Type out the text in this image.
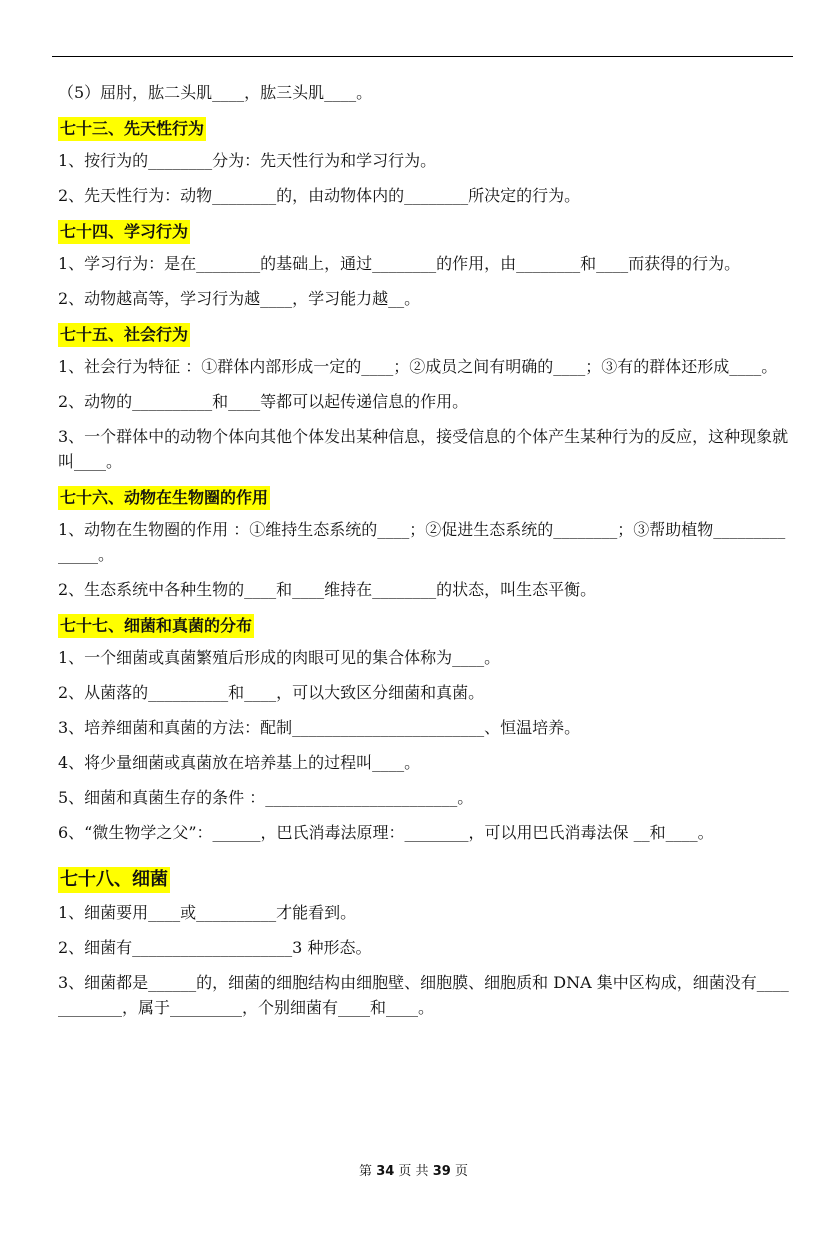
（5）屈肘，肱二头肌____，肱三头肌____。
七十三、先天性行为
1、按行为的________分为：先天性行为和学习行为。
2、先天性行为：动物________的，由动物体内的________所决定的行为。
七十四、学习行为
1、学习行为：是在________的基础上，通过________的作用，由________和____而获得的行为。
2、动物越高等，学习行为越____，学习能力越__。
七十五、社会行为
1、社会行为特征 ：①群体内部形成一定的____；②成员之间有明确的____；③有的群体还形成____。
2、动物的__________和____等都可以起传递信息的作用。
3、一个群体中的动物个体向其他个体发出某种信息，接受信息的个体产生某种行为的反应，这种现象就叫____。
七十六、动物在生物圈的作用
1、动物在生物圈的作用 ：①维持生态系统的____；②促进生态系统的________；③帮助植物______________。
2、生态系统中各种生物的____和____维持在________的状态，叫生态平衡。
七十七、细菌和真菌的分布
1、一个细菌或真菌繁殖后形成的肉眼可见的集合体称为____。
2、从菌落的__________和____，可以大致区分细菌和真菌。
3、培养细菌和真菌的方法：配制________________________、恒温培养。
4、将少量细菌或真菌放在培养基上的过程叫____。
5、细菌和真菌生存的条件 ：________________________。
6、“微生物学之父”：______，巴氏消毒法原理：________，可以用巴氏消毒法保 __和____。
七十八、细菌
1、细菌要用____或__________才能看到。
2、细菌有____________________3 种形态。
3、细菌都是______的，细菌的细胞结构由细胞壁、细胞膜、细胞质和 DNA 集中区构成，细菌没有____________，属于_________，个别细菌有____和____。
第 34 页 共 39 页
